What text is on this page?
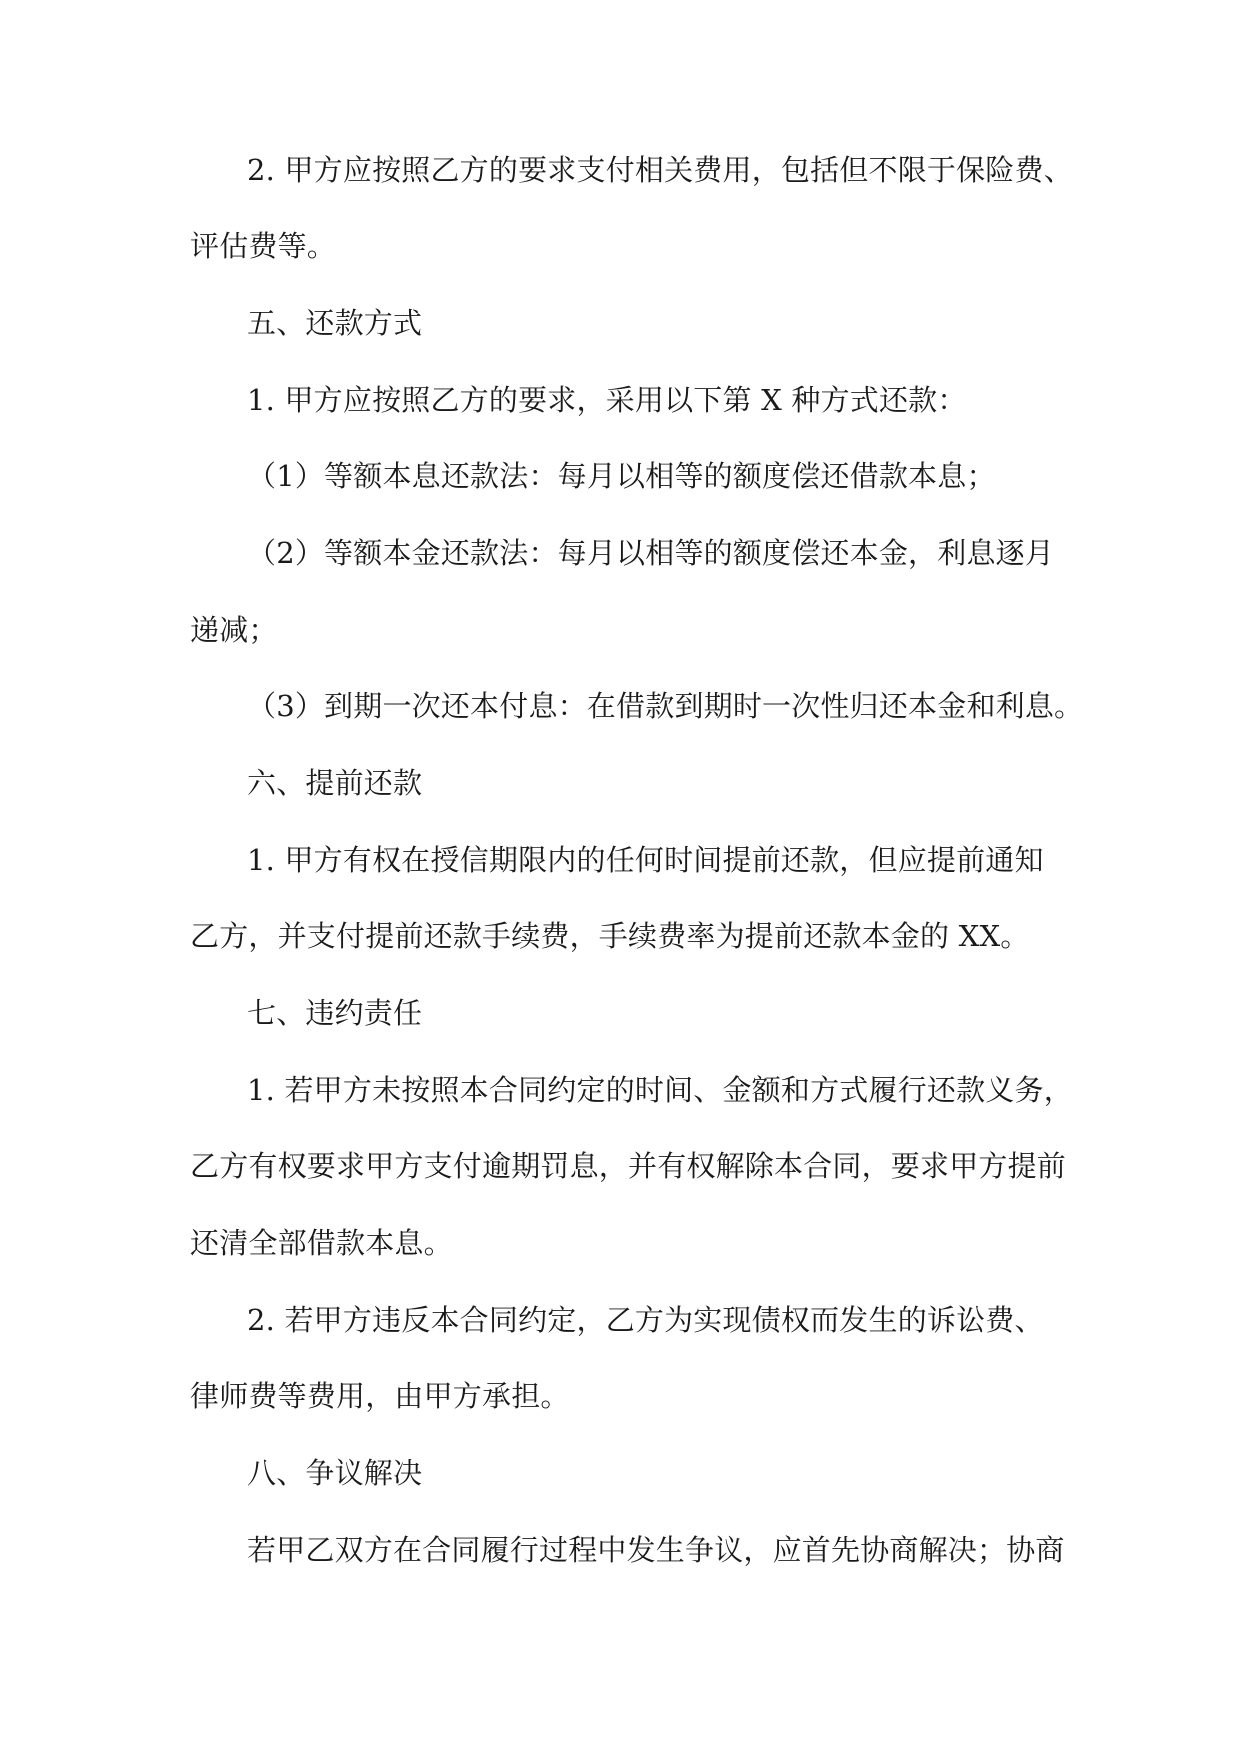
2. 甲方应按照乙方的要求支付相关费用，包括但不限于保险费、

评估费等。

五、还款方式

1. 甲方应按照乙方的要求，采用以下第 X 种方式还款：

（1）等额本息还款法：每月以相等的额度偿还借款本息；

（2）等额本金还款法：每月以相等的额度偿还本金，利息逐月

递减；

（3）到期一次还本付息：在借款到期时一次性归还本金和利息。

六、提前还款

1. 甲方有权在授信期限内的任何时间提前还款，但应提前通知

乙方，并支付提前还款手续费，手续费率为提前还款本金的 XX。

七、违约责任

1. 若甲方未按照本合同约定的时间、金额和方式履行还款义务，

乙方有权要求甲方支付逾期罚息，并有权解除本合同，要求甲方提前

还清全部借款本息。

2. 若甲方违反本合同约定，乙方为实现债权而发生的诉讼费、

律师费等费用，由甲方承担。

八、争议解决

若甲乙双方在合同履行过程中发生争议，应首先协商解决；协商
